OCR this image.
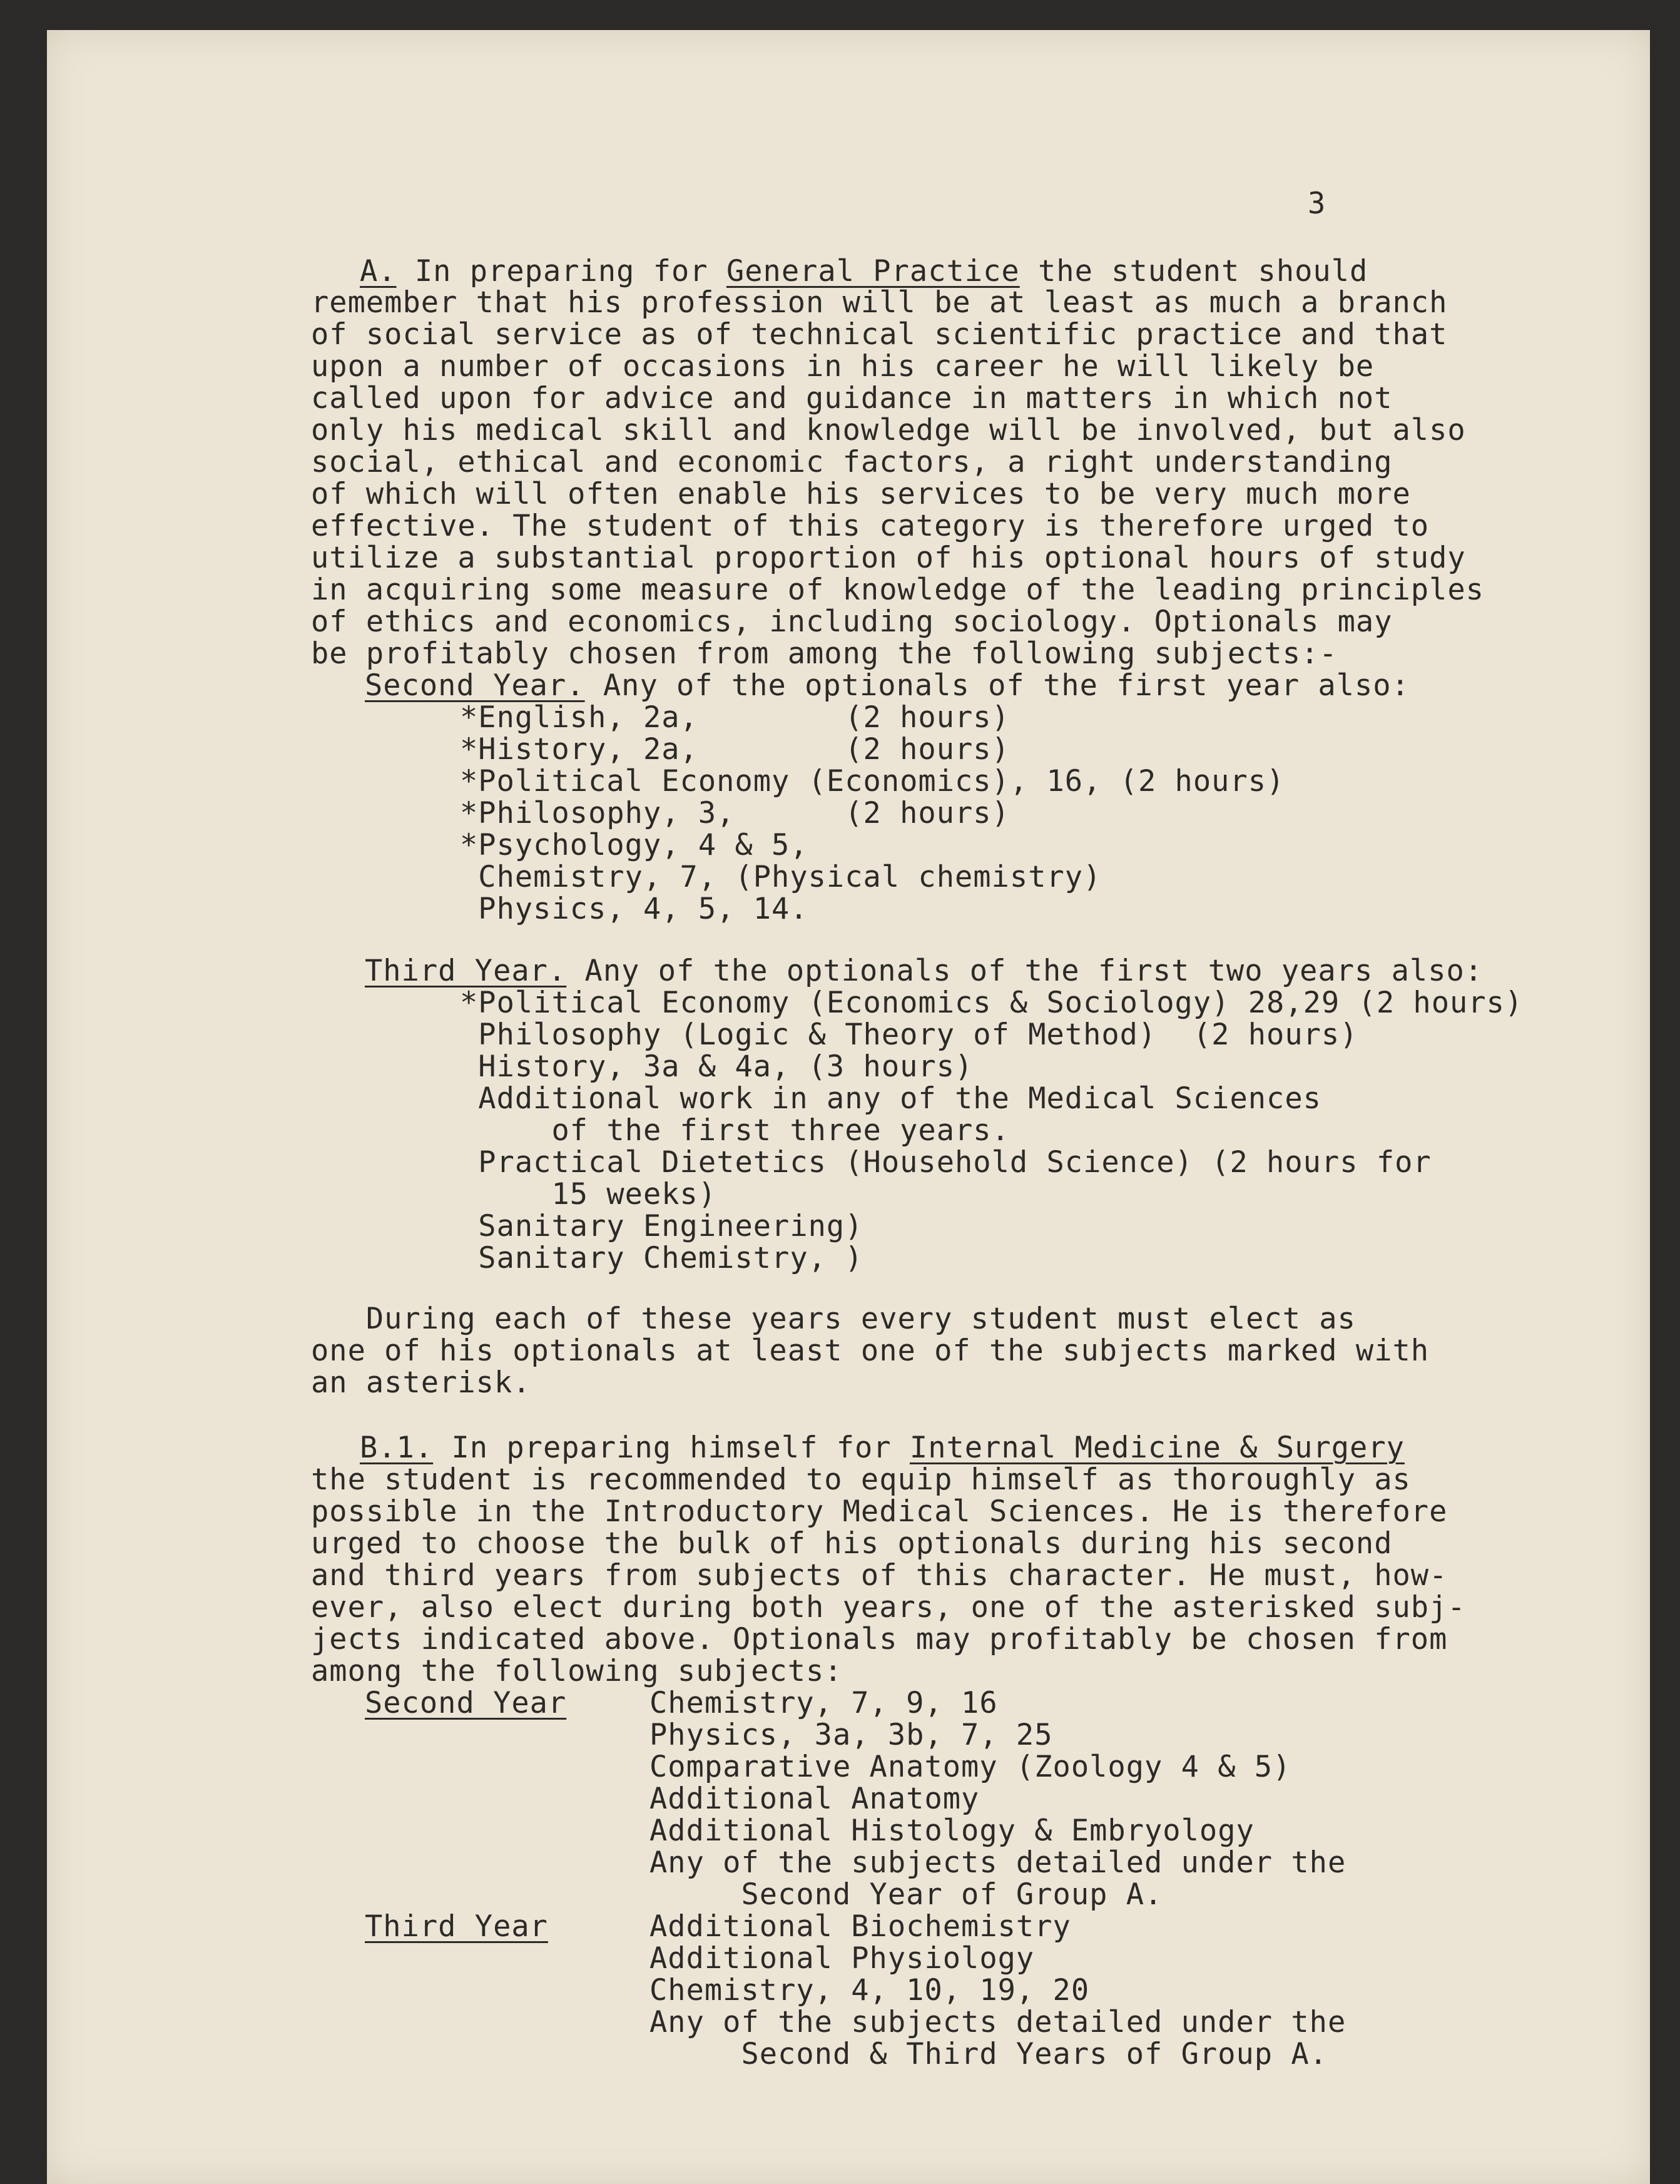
3
A. In preparing for General Practice the student should
remember that his profession will be at least as much a branch
of social service as of technical scientific practice and that
upon a number of occasions in his career he will likely be
called upon for advice and guidance in matters in which not
only his medical skill and knowledge will be involved, but also
social, ethical and economic factors, a right understanding
of which will often enable his services to be very much more
effective. The student of this category is therefore urged to
utilize a substantial proportion of his optional hours of study
in acquiring some measure of knowledge of the leading principles
of ethics and economics, including sociology. Optionals may
be profitably chosen from among the following subjects:-
Second Year. Any of the optionals of the first year also:
*English, 2a,        (2 hours)
*History, 2a,        (2 hours)
*Political Economy (Economics), 16, (2 hours)
*Philosophy, 3,      (2 hours)
*Psychology, 4 & 5,
Chemistry, 7, (Physical chemistry)
Physics, 4, 5, 14.
Third Year. Any of the optionals of the first two years also:
*Political Economy (Economics & Sociology) 28,29 (2 hours)
Philosophy (Logic & Theory of Method)  (2 hours)
History, 3a & 4a, (3 hours)
Additional work in any of the Medical Sciences
of the first three years.
Practical Dietetics (Household Science) (2 hours for
15 weeks)
Sanitary Engineering)
Sanitary Chemistry, )
During each of these years every student must elect as
one of his optionals at least one of the subjects marked with
an asterisk.
B.1. In preparing himself for Internal Medicine & Surgery
the student is recommended to equip himself as thoroughly as
possible in the Introductory Medical Sciences. He is therefore
urged to choose the bulk of his optionals during his second
and third years from subjects of this character. He must, how-
ever, also elect during both years, one of the asterisked subj-
jects indicated above. Optionals may profitably be chosen from
among the following subjects:
Second Year	Chemistry, 7, 9, 16
Physics, 3a, 3b, 7, 25
Comparative Anatomy (Zoology 4 & 5)
Additional Anatomy
Additional Histology & Embryology
Any of the subjects detailed under the
Second Year of Group A.
Third Year	Additional Biochemistry
Additional Physiology
Chemistry, 4, 10, 19, 20
Any of the subjects detailed under the
Second & Third Years of Group A.
